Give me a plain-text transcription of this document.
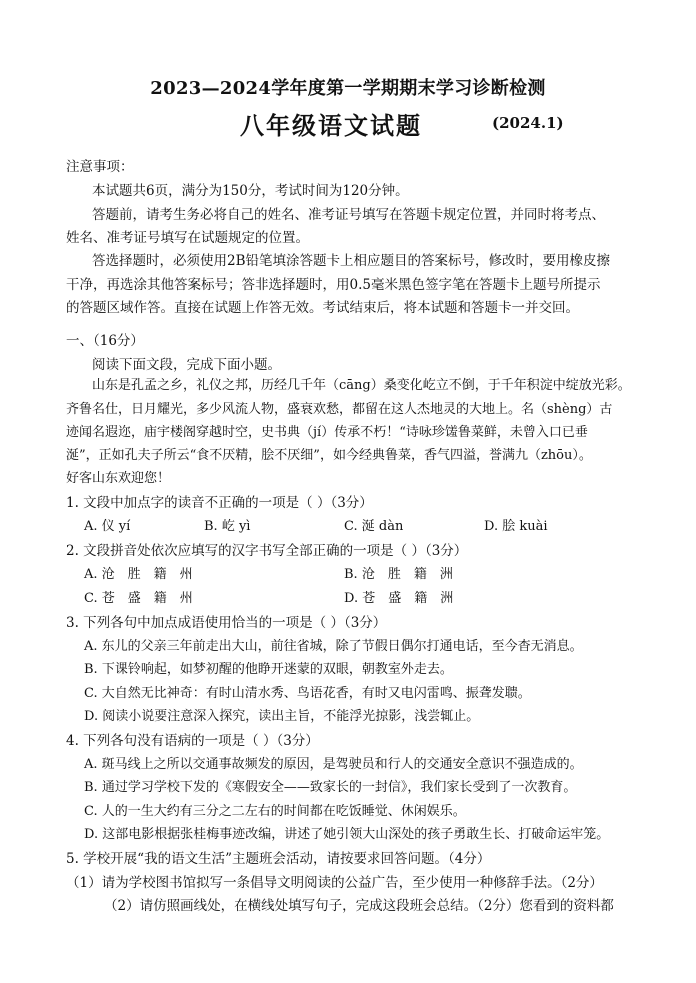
2023—2024学年度第一学期期末学习诊断检测
八年级语文试题	(2024.1)
注意事项：
本试题共6页，满分为150分，考试时间为120分钟。
答题前，请考生务必将自己的姓名、准考证号填写在答题卡规定位置，并同时将考点、
姓名、准考证号填写在试题规定的位置。
答选择题时，必须使用2B铅笔填涂答题卡上相应题目的答案标号，修改时，要用橡皮擦
干净，再选涂其他答案标号；答非选择题时，用0.5毫米黑色签字笔在答题卡上题号所提示
的答题区域作答。直接在试题上作答无效。考试结束后，将本试题和答题卡一并交回。
一、（16分）
阅读下面文段，完成下面小题。
山东是孔孟之乡，礼仪之邦，历经几千年（cāng）桑变化屹立不倒，于千年积淀中绽放光彩。
齐鲁名仕，日月耀光，多少风流人物，盛衰欢愁，都留在这人杰地灵的大地上。名（shèng）古
迹闻名遐迩，庙宇楼阁穿越时空，史书典（jí）传承不朽！“诗咏珍馐鲁菜鲜，未曾入口已垂
涎”，正如孔夫子所云“食不厌精，脍不厌细”，如今经典鲁菜，香气四溢，誉满九（zhōu）。
好客山东欢迎您！
1. 文段中加点字的读音不正确的一项是（ ）（3分）
A. 仪 yí	B. 屹 yì	C. 涎 dàn	D. 脍 kuài
2. 文段拼音处依次应填写的汉字书写全部正确的一项是（ ）（3分）
A. 沧　胜　籍　州	B. 沧　胜　籍　洲
C. 苍　盛　籍　州	D. 苍　盛　籍　洲
3. 下列各句中加点成语使用恰当的一项是（ ）（3分）
A. 东儿的父亲三年前走出大山，前往省城，除了节假日偶尔打通电话，至今杳无消息。
B. 下课铃响起，如梦初醒的他睁开迷蒙的双眼，朝教室外走去。
C. 大自然无比神奇：有时山清水秀、鸟语花香，有时又电闪雷鸣、振聋发聩。
D. 阅读小说要注意深入探究，读出主旨，不能浮光掠影，浅尝辄止。
4. 下列各句没有语病的一项是（ ）（3分）
A. 斑马线上之所以交通事故频发的原因，是驾驶员和行人的交通安全意识不强造成的。
B. 通过学习学校下发的《寒假安全——致家长的一封信》，我们家长受到了一次教育。
C. 人的一生大约有三分之二左右的时间都在吃饭睡觉、休闲娱乐。
D. 这部电影根据张桂梅事迹改编，讲述了她引领大山深处的孩子勇敢生长、打破命运牢笼。
5. 学校开展“我的语文生活”主题班会活动，请按要求回答问题。（4分）
（1）请为学校图书馆拟写一条倡导文明阅读的公益广告，至少使用一种修辞手法。（2分）
（2）请仿照画线处，在横线处填写句子，完成这段班会总结。（2分）您看到的资料都
